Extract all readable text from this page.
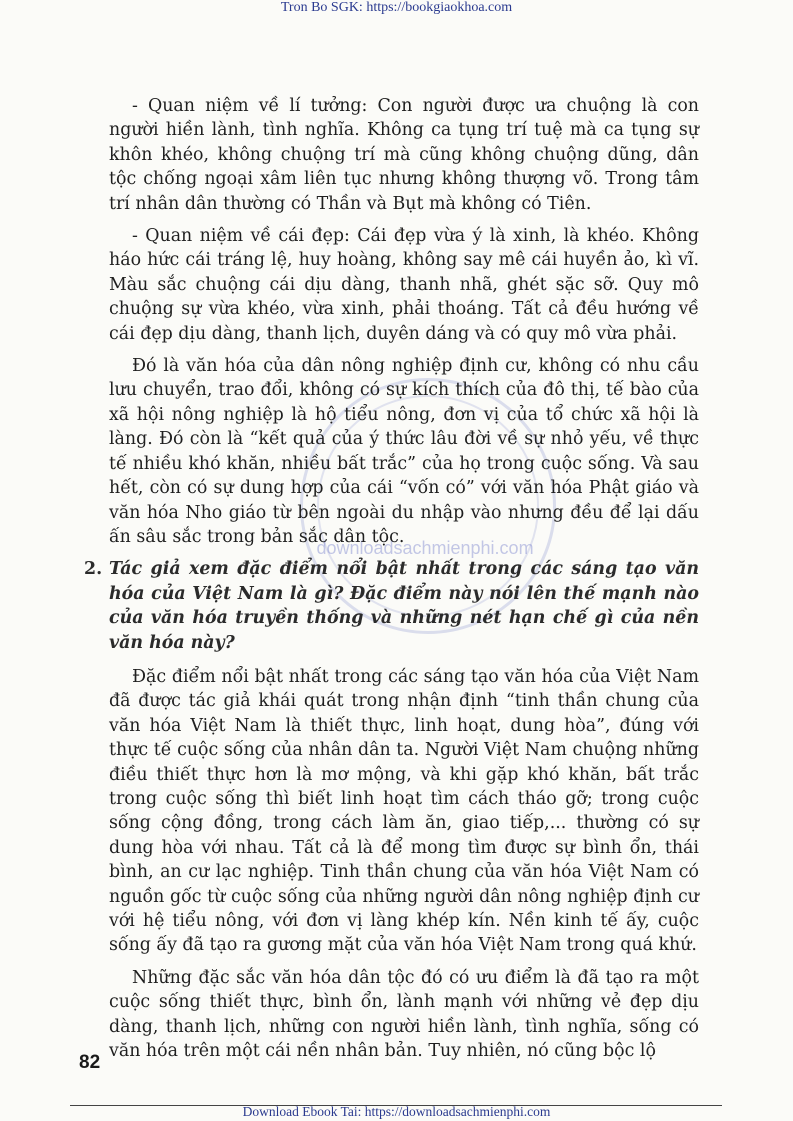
Tron Bo SGK: https://bookgiaokhoa.com
downloadsachmienphi.com

- Quan niệm về lí tưởng: Con người được ưa chuộng là con người hiền lành, tình nghĩa. Không ca tụng trí tuệ mà ca tụng sự khôn khéo, không chuộng trí mà cũng không chuộng dũng, dân tộc chống ngoại xâm liên tục nhưng không thượng võ. Trong tâm trí nhân dân thường có Thần và Bụt mà không có Tiên.

- Quan niệm về cái đẹp: Cái đẹp vừa ý là xinh, là khéo. Không háo hức cái tráng lệ, huy hoàng, không say mê cái huyền ảo, kì vĩ. Màu sắc chuộng cái dịu dàng, thanh nhã, ghét sặc sỡ. Quy mô chuộng sự vừa khéo, vừa xinh, phải thoáng. Tất cả đều hướng về cái đẹp dịu dàng, thanh lịch, duyên dáng và có quy mô vừa phải.

Đó là văn hóa của dân nông nghiệp định cư, không có nhu cầu lưu chuyển, trao đổi, không có sự kích thích của đô thị, tế bào của xã hội nông nghiệp là hộ tiểu nông, đơn vị của tổ chức xã hội là làng. Đó còn là “kết quả của ý thức lâu đời về sự nhỏ yếu, về thực tế nhiều khó khăn, nhiều bất trắc” của họ trong cuộc sống. Và sau hết, còn có sự dung hợp của cái “vốn có” với văn hóa Phật giáo và văn hóa Nho giáo từ bên ngoài du nhập vào nhưng đều để lại dấu ấn sâu sắc trong bản sắc dân tộc.

2. Tác giả xem đặc điểm nổi bật nhất trong các sáng tạo văn hóa của Việt Nam là gì? Đặc điểm này nói lên thế mạnh nào của văn hóa truyền thống và những nét hạn chế gì của nền văn hóa này?

Đặc điểm nổi bật nhất trong các sáng tạo văn hóa của Việt Nam đã được tác giả khái quát trong nhận định “tinh thần chung của văn hóa Việt Nam là thiết thực, linh hoạt, dung hòa”, đúng với thực tế cuộc sống của nhân dân ta. Người Việt Nam chuộng những điều thiết thực hơn là mơ mộng, và khi gặp khó khăn, bất trắc trong cuộc sống thì biết linh hoạt tìm cách tháo gỡ; trong cuộc sống cộng đồng, trong cách làm ăn, giao tiếp,... thường có sự dung hòa với nhau. Tất cả là để mong tìm được sự bình ổn, thái bình, an cư lạc nghiệp. Tinh thần chung của văn hóa Việt Nam có nguồn gốc từ cuộc sống của những người dân nông nghiệp định cư với hệ tiểu nông, với đơn vị làng khép kín. Nền kinh tế ấy, cuộc sống ấy đã tạo ra gương mặt của văn hóa Việt Nam trong quá khứ.

Những đặc sắc văn hóa dân tộc đó có ưu điểm là đã tạo ra một cuộc sống thiết thực, bình ổn, lành mạnh với những vẻ đẹp dịu dàng, thanh lịch, những con người hiền lành, tình nghĩa, sống có văn hóa trên một cái nền nhân bản. Tuy nhiên, nó cũng bộc lộ

82
Download Ebook Tai: https://downloadsachmienphi.com
